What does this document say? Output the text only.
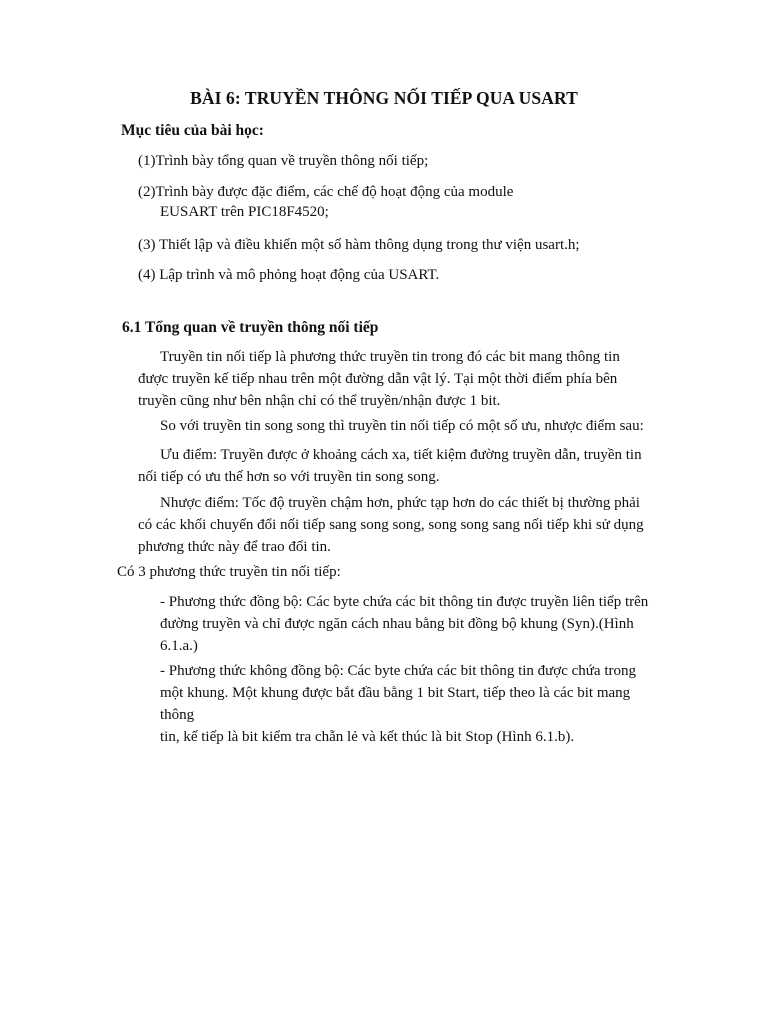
BÀI 6: TRUYỀN THÔNG NỐI TIẾP QUA USART

Mục tiêu của bài học:

(1)Trình bày tổng quan về truyền thông nối tiếp;

(2)Trình bày được đặc điểm, các chế độ hoạt động của module

EUSART trên PIC18F4520;

(3) Thiết lập và điều khiển một số hàm thông dụng trong thư viện usart.h;

(4) Lập trình và mô phỏng hoạt động của USART.

6.1 Tổng quan về truyền thông nối tiếp
Truyền tin nối tiếp là phương thức truyền tin trong đó các bit mang thông tin
được truyền kế tiếp nhau trên một đường dẫn vật lý. Tại một thời điểm phía bên
truyền cũng như bên nhận chỉ có thể truyền/nhận được 1 bit.
So với truyền tin song song thì truyền tin nối tiếp có một số ưu, nhược điểm sau:
Ưu điểm: Truyền được ở khoảng cách xa, tiết kiệm đường truyền dẫn, truyền tin
nối tiếp có ưu thế hơn so với truyền tin song song.
Nhược điểm: Tốc độ truyền chậm hơn, phức tạp hơn do các thiết bị thường phải
có các khối chuyển đổi nối tiếp sang song song, song song sang nối tiếp khi sử dụng
phương thức này để trao đổi tin.

Có 3 phương thức truyền tin nối tiếp:

- Phương thức đồng bộ: Các byte chứa các bit thông tin được truyền liên tiếp trên
đường truyền và chỉ được ngăn cách nhau bằng bit đồng bộ khung (Syn).(Hình
6.1.a.)
- Phương thức không đồng bộ: Các byte chứa các bit thông tin được chứa trong
một khung. Một khung được bắt đầu bằng 1 bit Start, tiếp theo là các bit mang
thông
tin, kế tiếp là bit kiểm tra chẵn lẻ và kết thúc là bit Stop (Hình 6.1.b).
